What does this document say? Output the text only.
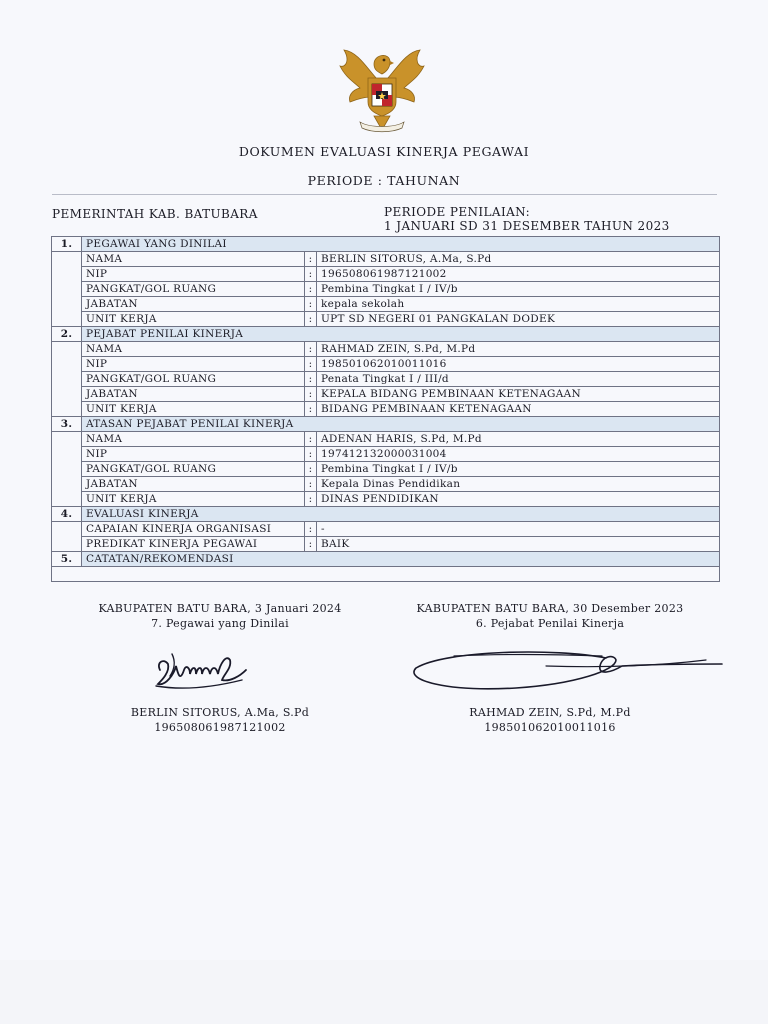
DOKUMEN EVALUASI KINERJA PEGAWAI
PERIODE : TAHUNAN
PEMERINTAH KAB. BATUBARA	PERIODE PENILAIAN:
1 JANUARI SD 31 DESEMBER TAHUN 2023
1.	PEGAWAI YANG DINILAI		
	NAMA	:	BERLIN SITORUS, A.Ma, S.Pd
	NIP	:	196508061987121002
	PANGKAT/GOL RUANG	:	Pembina Tingkat I / IV/b
	JABATAN	:	kepala sekolah
	UNIT KERJA	:	UPT SD NEGERI 01 PANGKALAN DODEK
2.	PEJABAT PENILAI KINERJA		
	NAMA	:	RAHMAD ZEIN, S.Pd, M.Pd
	NIP	:	198501062010011016
	PANGKAT/GOL RUANG	:	Penata Tingkat I / III/d
	JABATAN	:	KEPALA BIDANG PEMBINAAN KETENAGAAN
	UNIT KERJA	:	BIDANG PEMBINAAN KETENAGAAN
3.	ATASAN PEJABAT PENILAI KINERJA		
	NAMA	:	ADENAN HARIS, S.Pd, M.Pd
	NIP	:	197412132000031004
	PANGKAT/GOL RUANG	:	Pembina Tingkat I / IV/b
	JABATAN	:	Kepala Dinas Pendidikan
	UNIT KERJA	:	DINAS PENDIDIKAN
4.	EVALUASI KINERJA		
	CAPAIAN KINERJA ORGANISASI	:	-
	PREDIKAT KINERJA PEGAWAI	:	BAIK
5.	CATATAN/REKOMENDASI		

KABUPATEN BATU BARA, 3 Januari 2024
7. Pegawai yang Dinilai
BERLIN SITORUS, A.Ma, S.Pd
196508061987121002
KABUPATEN BATU BARA, 30 Desember 2023
6. Pejabat Penilai Kinerja
RAHMAD ZEIN, S.Pd, M.Pd
198501062010011016
